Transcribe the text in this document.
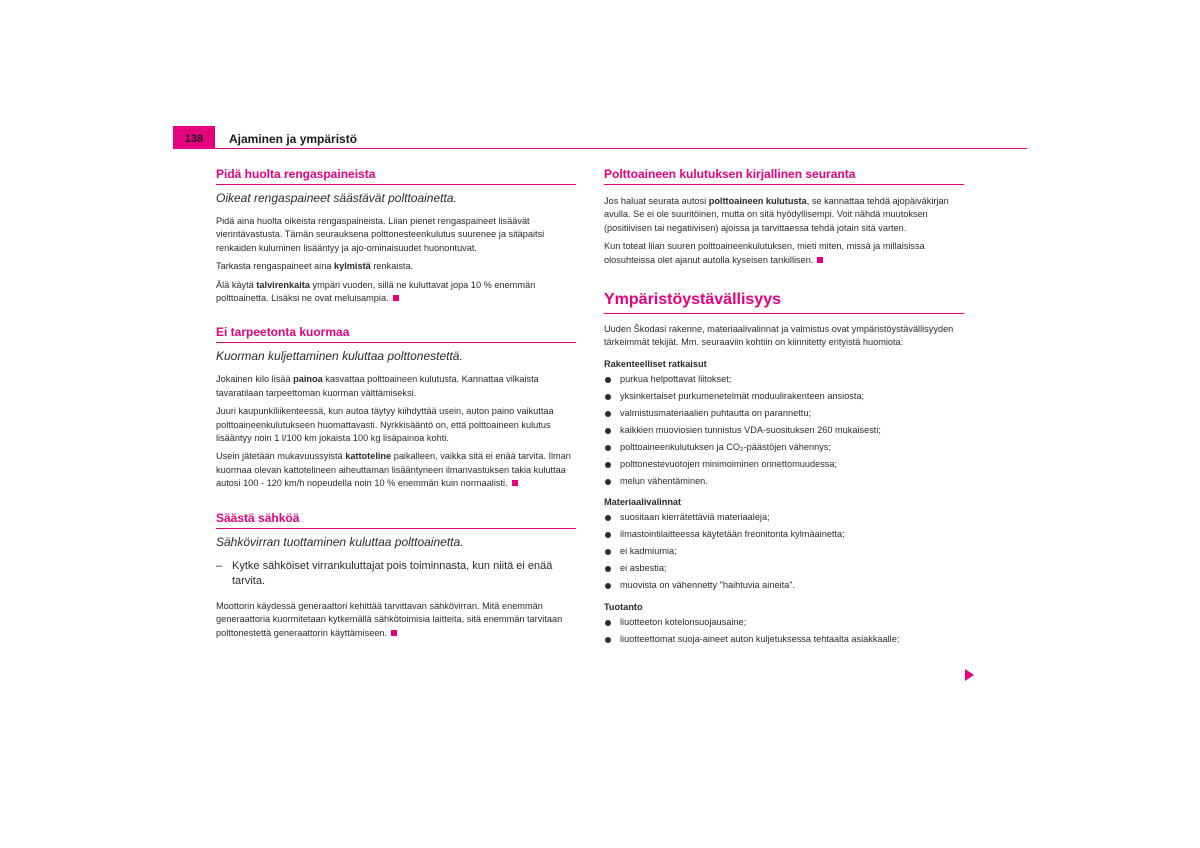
138	Ajaminen ja ympäristö
Pidä huolta rengaspaineista
Oikeat rengaspaineet säästävät polttoainetta.

Pidä aina huolta oikeista rengaspaineista. Liian pienet rengaspaineet lisäävät vierintävastusta. Tämän seurauksena polttonesteenkulutus suurenee ja sitäpaitsi renkaiden kuluminen lisääntyy ja ajo-ominaisuudet huonontuvat.

Tarkasta rengaspaineet aina kylmistä renkaista.

Älä käytä talvirenkaita ympäri vuoden, sillä ne kuluttavat jopa 10 % enemmän polttoainetta. Lisäksi ne ovat meluisampia.

Ei tarpeetonta kuormaa
Kuorman kuljettaminen kuluttaa polttonestettä.

Jokainen kilo lisää painoa kasvattaa polttoaineen kulutusta. Kannattaa vilkaista tavaratilaan tarpeettoman kuorman välttämiseksi.

Juuri kaupunkiliikenteessä, kun autoa täytyy kiihdyttää usein, auton paino vaikuttaa polttoaineenkulutukseen huomattavasti. Nyrkkisääntö on, että polttoaineen kulutus lisääntyy noin 1 l/100 km jokaista 100 kg lisäpainoa kohti.

Usein jätetään mukavuussyistä kattoteline paikalleen, vaikka sitä ei enää tarvita. Ilman kuormaa olevan kattotelineen aiheuttaman lisääntyneen ilmanvastuksen takia kuluttaa autosi 100 - 120 km/h nopeudella noin 10 % enemmän kuin normaalisti.

Säästä sähköä
Sähkövirran tuottaminen kuluttaa polttoainetta.
– Kytke sähköiset virrankuluttajat pois toiminnasta, kun niitä ei enää tarvita.

Moottorin käydessä generaattori kehittää tarvittavan sähkövirran. Mitä enemmän generaattoria kuormitetaan kytkemällä sähkötoimisia laitteita, sitä enemmän tarvitaan polttonestettä generaattorin käyttämiseen.

Polttoaineen kulutuksen kirjallinen seuranta

Jos haluat seurata autosi polttoaineen kulutusta, se kannattaa tehdä ajopäiväkirjan avulla. Se ei ole suuritöinen, mutta on sitä hyödyllisempi. Voit nähdä muutoksen (positiivisen tai negatiivisen) ajoissa ja tarvittaessa tehdä jotain sitä varten.

Kun toteat liian suuren polttoaineenkulutuksen, mieti miten, missä ja millaisissa olosuhteissa olet ajanut autolla kyseisen tankillisen.

Ympäristöystävällisyys

Uuden Škodasi rakenne, materiaalivalinnat ja valmistus ovat ympäristöystävällisyyden tärkeimmät tekijät. Mm. seuraaviin kohtiin on kiinnitetty erityistä huomiota:

Rakenteelliset ratkaisut
purkua helpottavat liitokset;
yksinkertaiset purkumenetelmät moduulirakenteen ansiosta;
valmistusmateriaalien puhtautta on parannettu;
kaikkien muoviosien tunnistus VDA-suosituksen 260 mukaisesti;
polttoaineenkulutuksen ja CO₂-päästöjen vähennys;
polttonestevuotojen minimoiminen onnettomuudessa;
melun vähentäminen.
Materiaalivalinnat
suositaan kierrätettäviä materiaaleja;
ilmastointilaitteessa käytetään freonitonta kylmäainetta;
ei kadmiumia;
ei asbestia;
muovista on vähennetty "haihtuvia aineita".
Tuotanto
liuotteeton kotelonsuojausaine;
liuotteettomat suoja-aineet auton kuljetuksessa tehtaalta asiakkaalle;
